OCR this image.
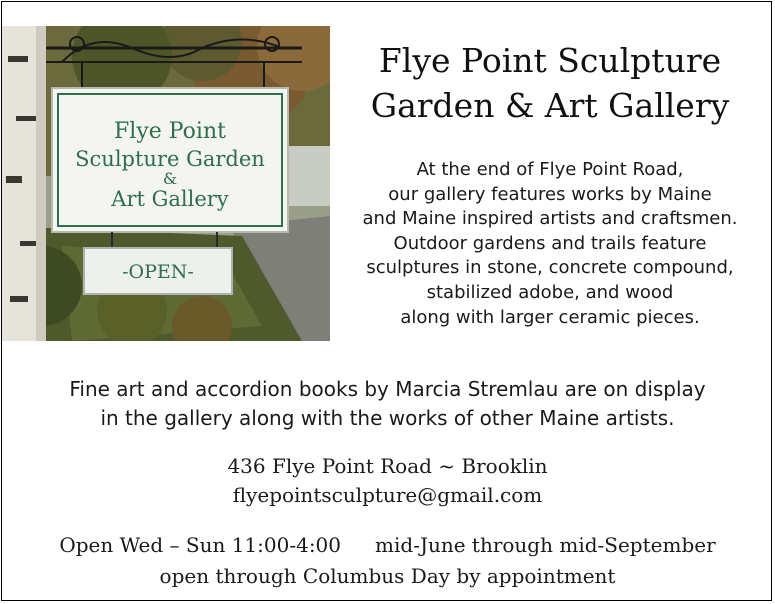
Flye Point
Sculpture Garden
&
Art Gallery
-OPEN-
Flye Point Sculpture
Garden & Art Gallery
At the end of Flye Point Road,
our gallery features works by Maine
and Maine inspired artists and craftsmen.
Outdoor gardens and trails feature
sculptures in stone, concrete compound,
stabilized adobe, and wood
along with larger ceramic pieces.
Fine art and accordion books by Marcia Stremlau are on display
in the gallery along with the works of other Maine artists.
436 Flye Point Road ~ Brooklin
flyepointsculpture@gmail.com
Open Wed – Sun 11:00-4:00 mid-June through mid-September
open through Columbus Day by appointment
